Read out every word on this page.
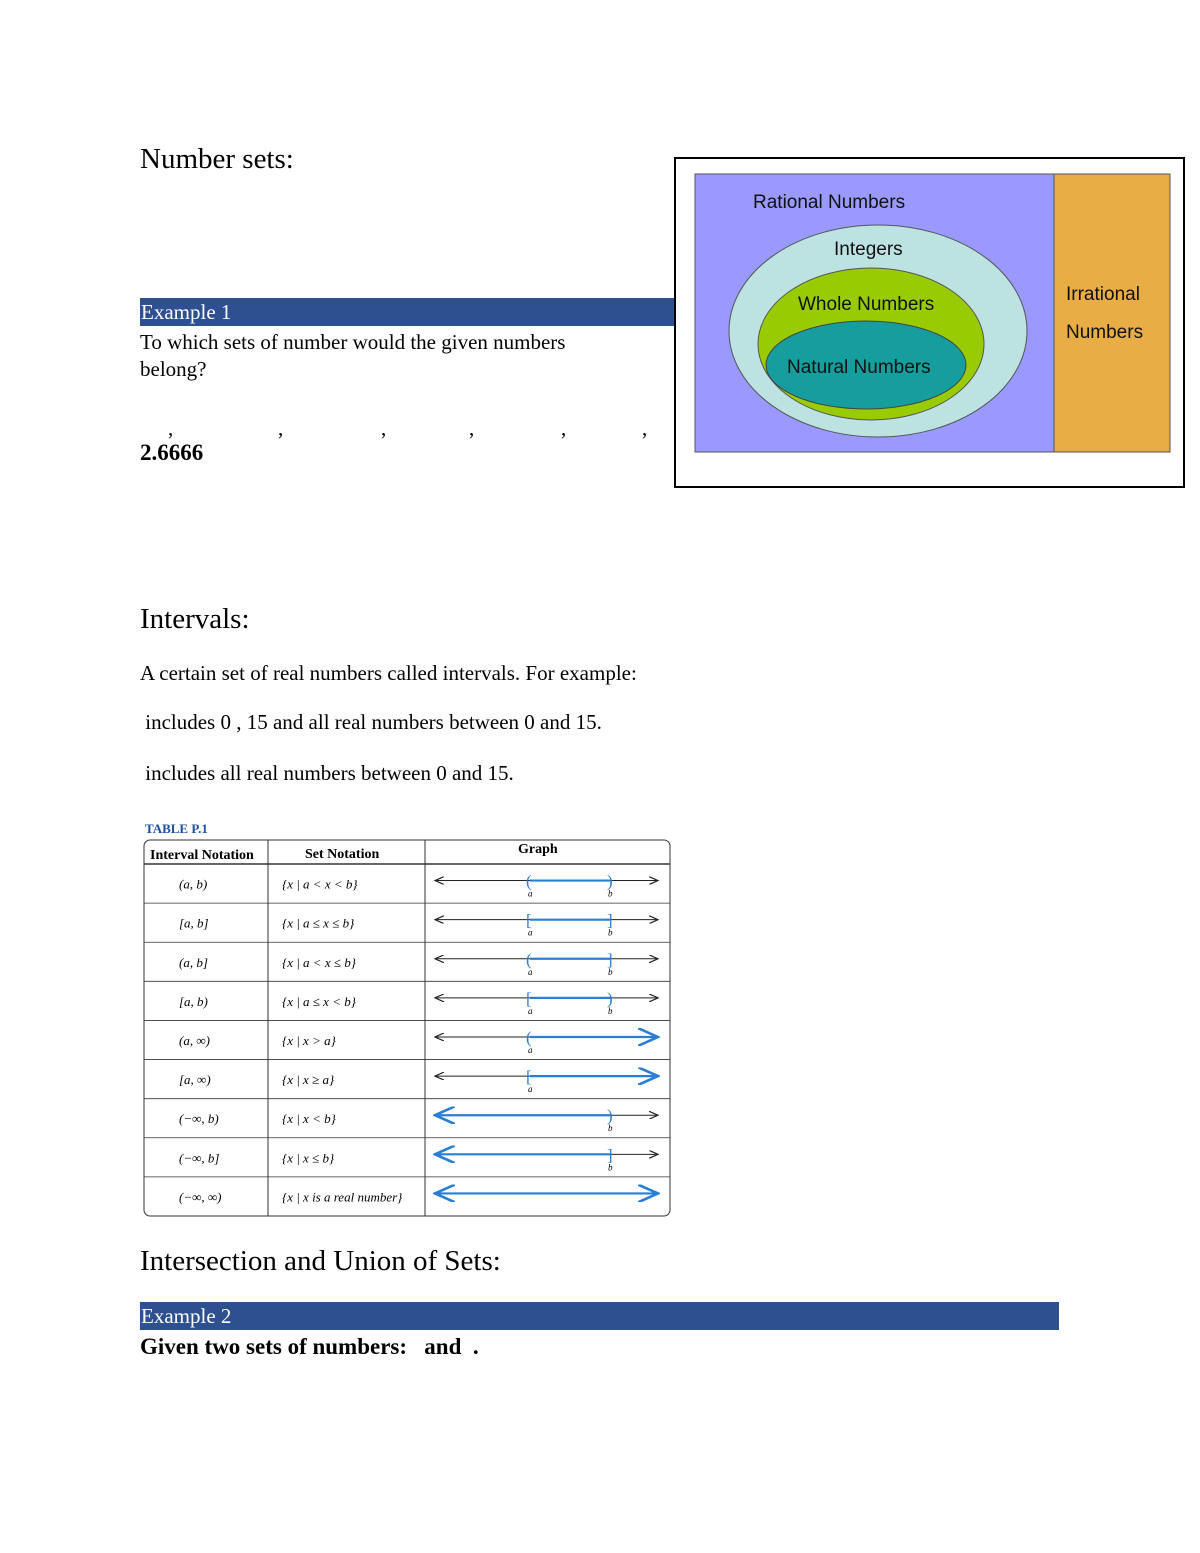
Number sets:
Example 1
To which sets of number would the given numbers
belong?
,	,	,	,	,	,
2.6666
Rational Numbers
Integers
Whole Numbers
Natural Numbers
Irrational
Numbers
Intervals:
A certain set of real numbers called intervals. For example:
includes 0 , 15 and all real numbers between 0 and 15.
includes all real numbers between 0 and 15.
TABLE P.1
Interval Notation	Set Notation	Graph
(a, b)	{x | a < x < b}	(	)
a	b
[a, b]	{x | a ≤ x ≤ b}	[	]
a	b
(a, b]	{x | a < x ≤ b}	(	]
a	b
[a, b)	{x | a ≤ x < b}	[	)
a	b
(a, ∞)	{x | x > a}	(
a
[a, ∞)	{x | x ≥ a}	[
a
(−∞, b)	{x | x < b}	)
b
(−∞, b]	{x | x ≤ b}	]
b
(−∞, ∞)	{x | x is a real number}
Intersection and Union of Sets:
Example 2
Given two sets of numbers:   and  .
